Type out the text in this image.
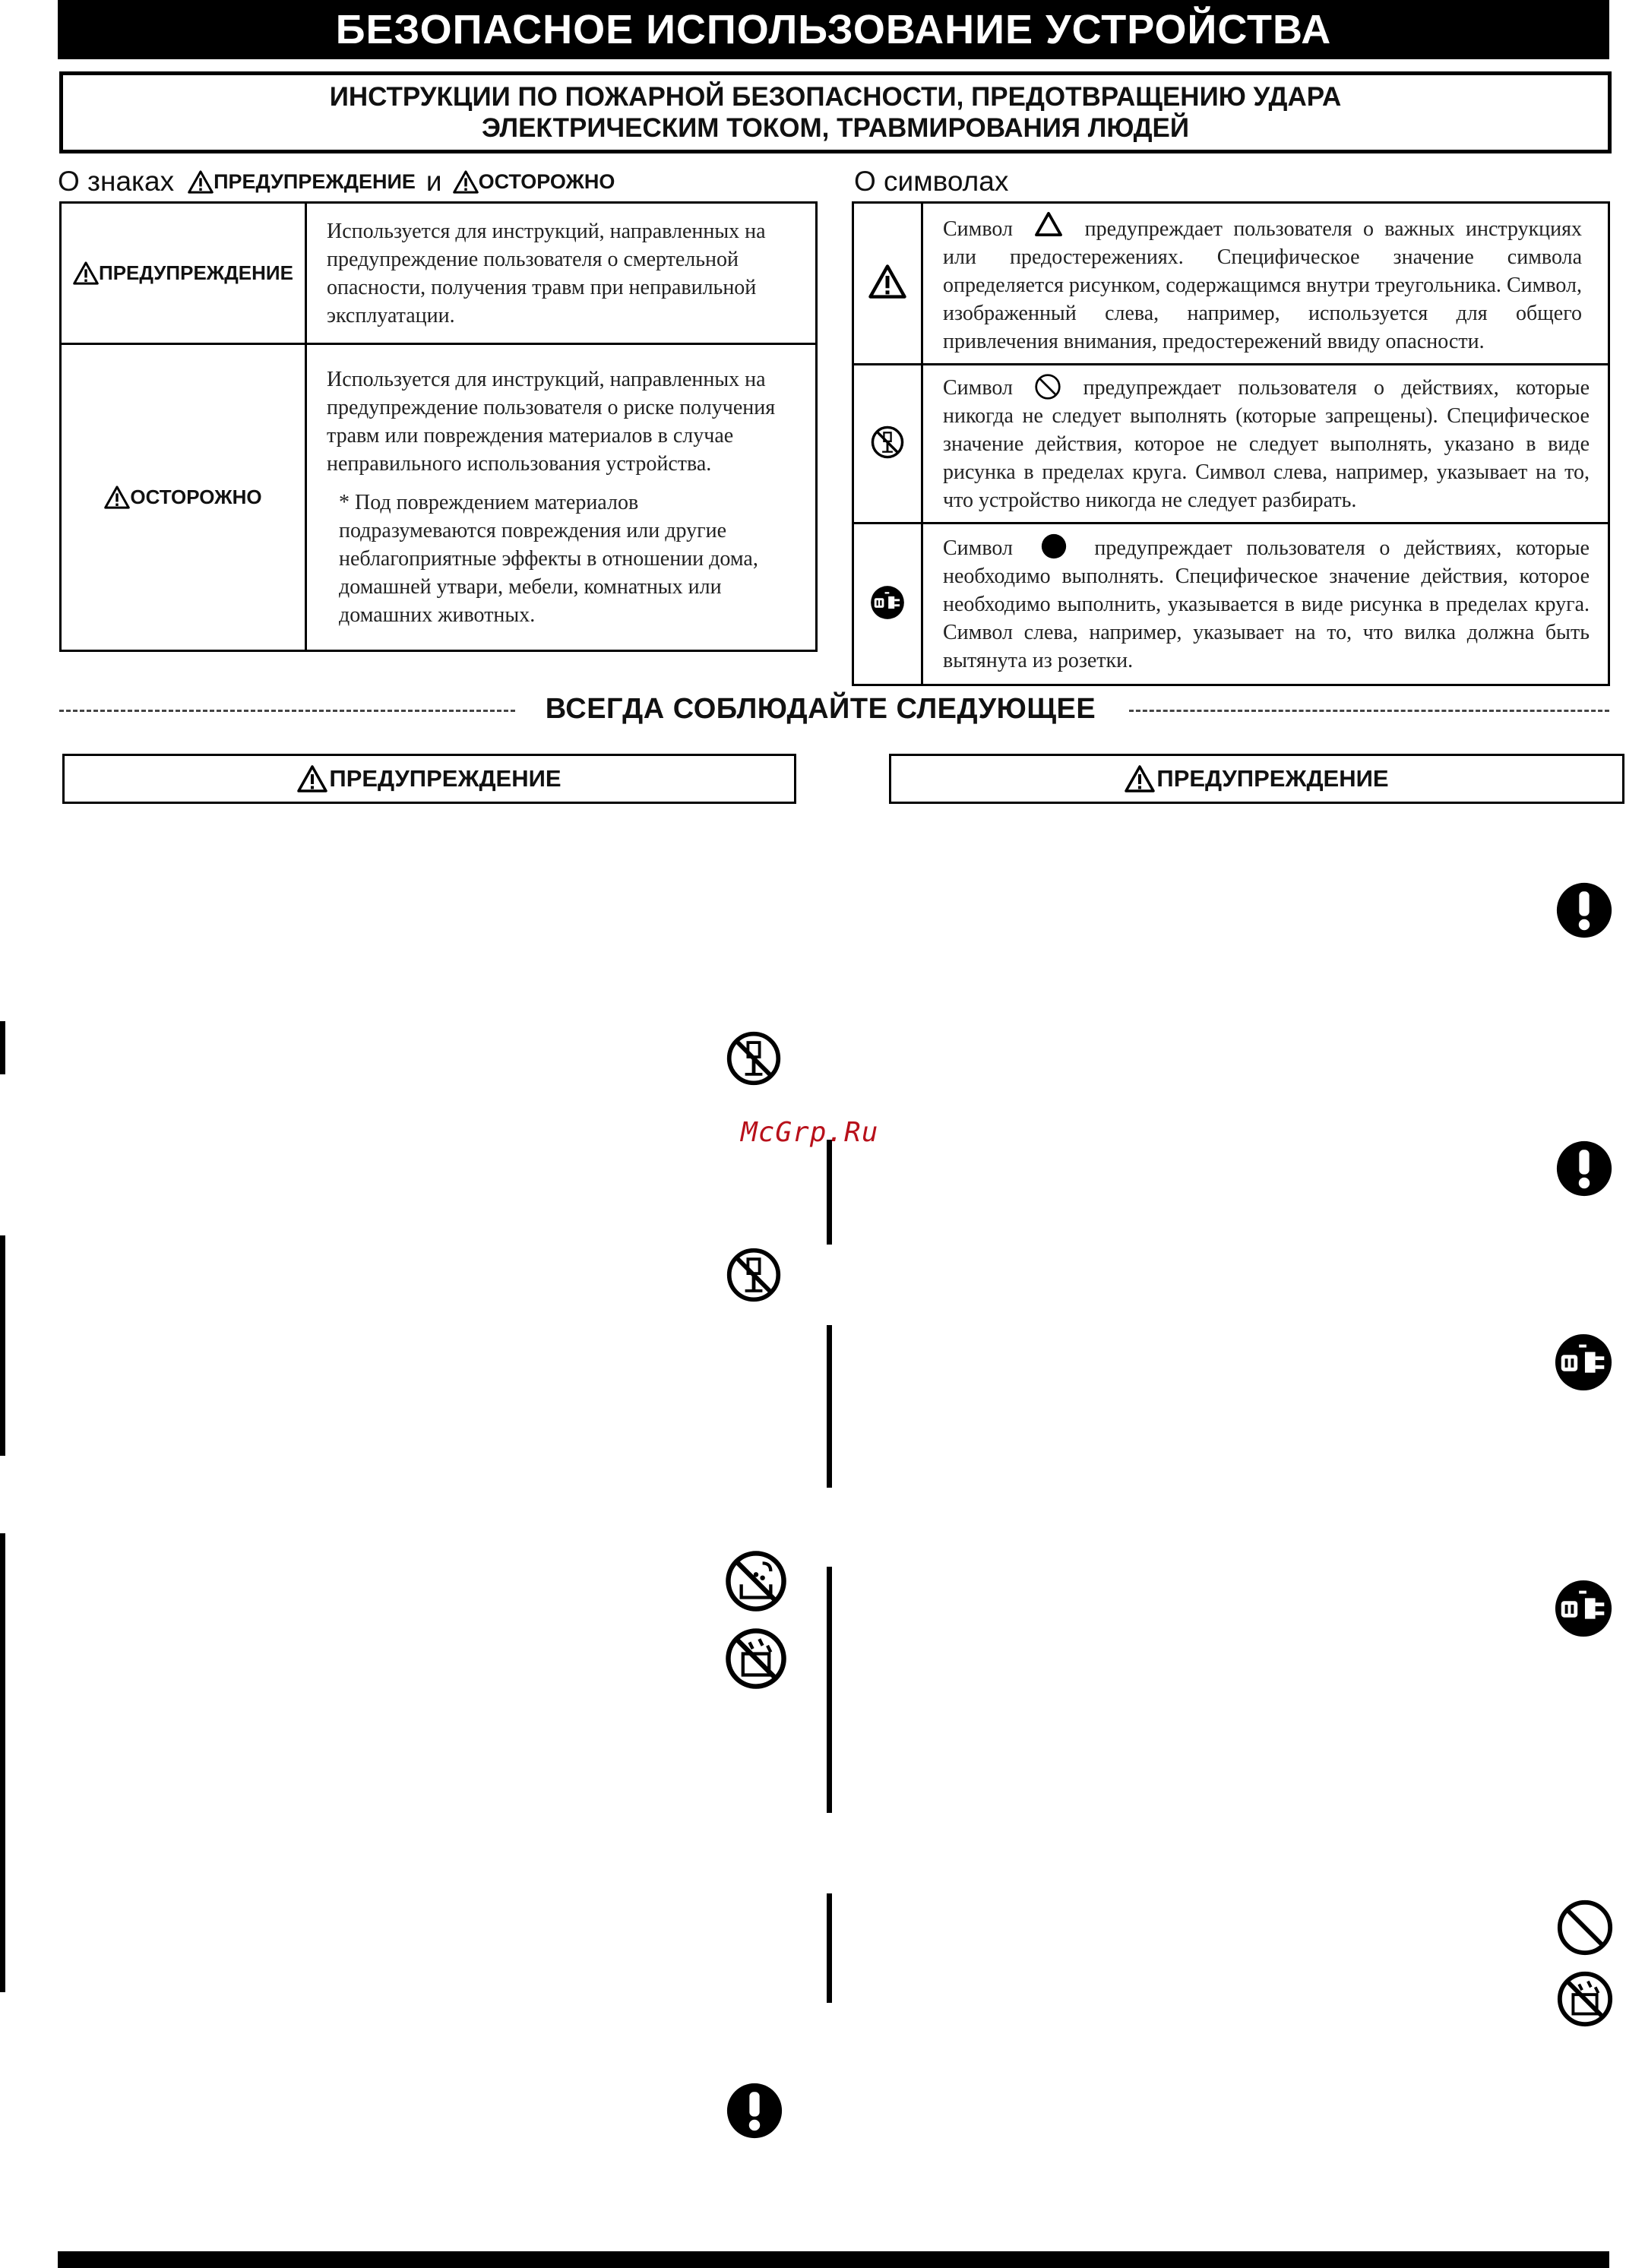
БЕЗОПАСНОЕ ИСПОЛЬЗОВАНИЕ УСТРОЙСТВА
ИНСТРУКЦИИ ПО ПОЖАРНОЙ БЕЗОПАСНОСТИ, ПРЕДОТВРАЩЕНИЮ УДАРА
ЭЛЕКТРИЧЕСКИМ ТОКОМ, ТРАВМИРОВАНИЯ ЛЮДЕЙ
О знаках ПРЕДУПРЕЖДЕНИЕ и ОСТОРОЖНО
ПРЕДУПРЕЖДЕНИЕ	Используется для инструкций, направленных на предупреждение пользователя о смертельной опасности, получения травм при неправильной эксплуатации.

ОСТОРОЖНО	Используется для инструкций, направленных на предупреждение пользователя о риске получения травм или повреждения материалов в случае неправильного использования устройства.
* Под повреждением материалов подразумеваются повреждения или другие неблагоприятные эффекты в отношении дома, домашней утвари, мебели, комнатных или домашних животных.
О символах

Символ предупреждает пользователя о важных инструкциях или предостережениях. Специфическое значение символа определяется рисунком, содержащимся внутри треугольника. Символ, изображенный слева, например, используется для общего привлечения внимания, предостережений ввиду опасности.

Символ предупреждает пользователя о действиях, которые никогда не следует выполнять (которые запрещены). Специфическое значение действия, которое не следует выполнять, указано в виде рисунка в пределах круга. Символ слева, например, указывает на то, что устройство никогда не следует разбирать.

Символ предупреждает пользователя о действиях, которые необходимо выполнять. Специфическое значение действия, которое необходимо выполнить, указывается в виде рисунка в пределах круга. Символ слева, например, указывает на то, что вилка должна быть вытянута из розетки.
ВСЕГДА СОБЛЮДАЙТЕ СЛЕДУЮЩЕЕ
ПРЕДУПРЕЖДЕНИЕ	ПРЕДУПРЕЖДЕНИЕ
McGrp.Ru
